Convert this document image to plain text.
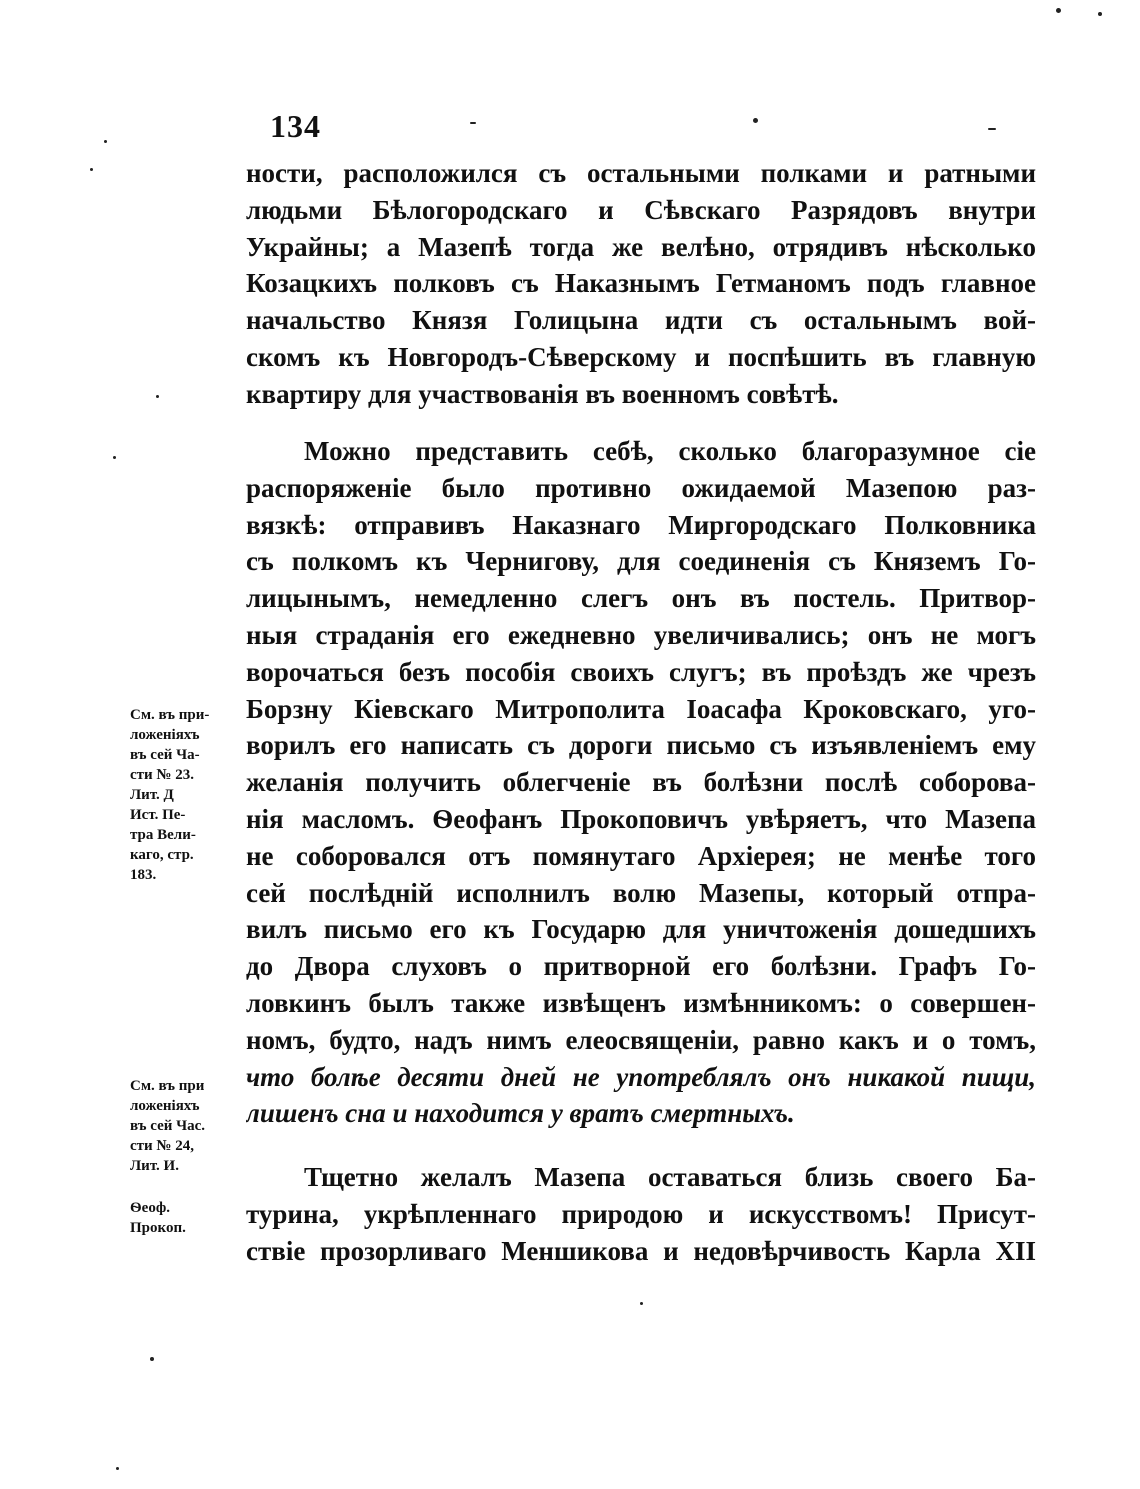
134
ности, расположился съ остальными полками и ратными
людьми Бѣлогородскаго и Сѣвскаго Разрядовъ внутри
Украйны; а Мазепѣ тогда же велѣно, отрядивъ нѣсколько
Козацкихъ полковъ съ Наказнымъ Гетманомъ подъ главное
начальство Князя Голицына идти съ остальнымъ вой-
скомъ къ Новгородъ-Сѣверскому и поспѣшить въ главную
квартиру для участвованія въ военномъ совѣтѣ.
Можно представить себѣ, сколько благоразумное сіе
распоряженіе было противно ожидаемой Мазепою раз-
вязкѣ: отправивъ Наказнаго Миргородскаго Полковника
съ полкомъ къ Чернигову, для соединенія съ Княземъ Го-
лицынымъ, немедленно слегъ онъ въ постель. Притвор-
ныя страданія его ежедневно увеличивались; онъ не могъ
ворочаться безъ пособія своихъ слугъ; въ проѣздъ же чрезъ
Борзну Кіевскаго Митрополита Іоасафа Кроковскаго, уго-
ворилъ его написать съ дороги письмо съ изъявленіемъ ему
желанія получить облегченіе въ болѣзни послѣ соборова-
нія масломъ. Ѳеофанъ Прокоповичъ увѣряетъ, что Мазепа
не соборовался отъ помянутаго Архіерея; не менѣе того
сей послѣдній исполнилъ волю Мазепы, который отпра-
вилъ письмо его къ Государю для уничтоженія дошедшихъ
до Двора слуховъ о притворной его болѣзни. Графъ Го-
ловкинъ былъ также извѣщенъ измѣнникомъ: о совершен-
номъ, будто, надъ нимъ елеосвященіи, равно какъ и о томъ,
что болѣе десяти дней не употреблялъ онъ никакой пищи,
лишенъ сна и находится у вратъ смертныхъ.
Тщетно желалъ Мазепа оставаться близь своего Ба-
турина, укрѣпленнаго природою и искусствомъ! Присут-
ствіе прозорливаго Меншикова и недовѣрчивость Карла XII
См. въ при-
ложеніяхъ
въ сей Ча-
сти № 23.
Лит. Д
Ист. Пе-
тра Вели-
каго, стр.
183.
См. въ при
ложеніяхъ
въ сей Час.
сти № 24,
Лит. И.
Ѳеоф.
Прокоп.
